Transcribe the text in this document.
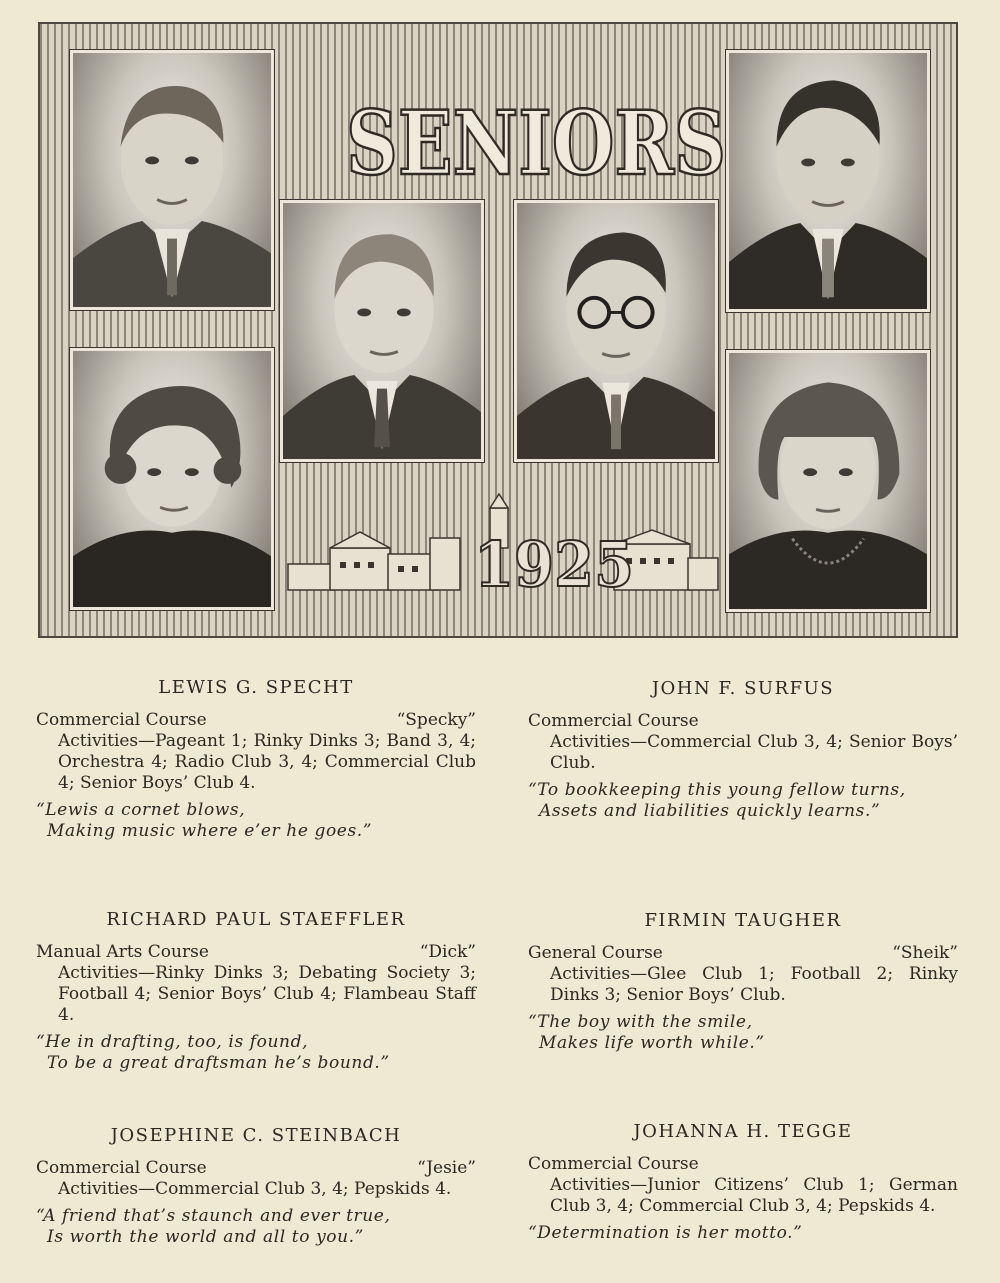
SENIORS
1925
LEWIS G. SPECHT
Commercial Course	“Specky”
Activities—Pageant 1; Rinky Dinks 3; Band 3, 4; Orchestra 4; Radio Club 3, 4; Commercial Club 4; Senior Boys’ Club 4.
“Lewis a cornet blows,
Making music where e’er he goes.”
JOHN F. SURFUS
Commercial Course
Activities—Commercial Club 3, 4; Senior Boys’ Club.
“To bookkeeping this young fellow turns,
Assets and liabilities quickly learns.”
RICHARD PAUL STAEFFLER
Manual Arts Course	“Dick”
Activities—Rinky Dinks 3; Debating Society 3; Football 4; Senior Boys’ Club 4; Flambeau Staff 4.
“He in drafting, too, is found,
To be a great draftsman he’s bound.”
FIRMIN TAUGHER
General Course	“Sheik”
Activities—Glee Club 1; Football 2; Rinky Dinks 3; Senior Boys’ Club.
“The boy with the smile,
Makes life worth while.”
JOSEPHINE C. STEINBACH
Commercial Course	“Jesie”
Activities—Commercial Club 3, 4; Pepskids 4.
“A friend that’s staunch and ever true,
Is worth the world and all to you.”
JOHANNA H. TEGGE
Commercial Course
Activities—Junior Citizens’ Club 1; German Club 3, 4; Commercial Club 3, 4; Pepskids 4.
“Determination is her motto.”
